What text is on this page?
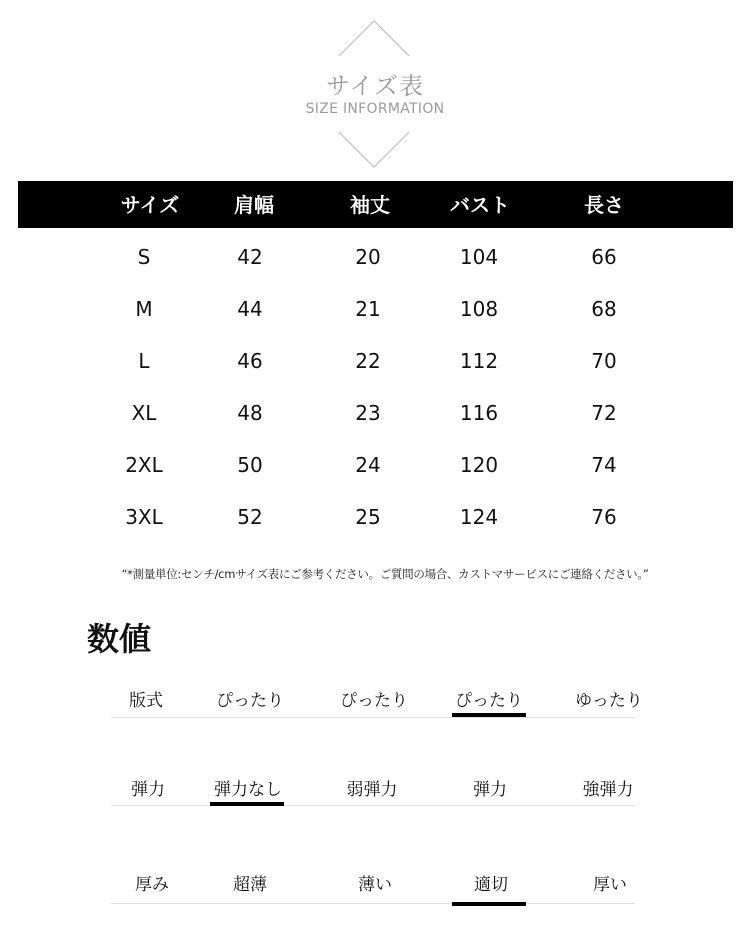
サイズ表
SIZE INFORMATION
サイズ	肩幅	袖丈	バスト	長さ
S	42	20	104	66
M	44	21	108	68
L	46	22	112	70
XL	48	23	116	72
2XL	50	24	120	74
3XL	52	25	124	76
“*測量単位:センチ/cmサイズ表にご参考ください。ご質問の場合、カストマサービスにご連絡ください。”
数値
版式	ぴったり	ぴったり	ぴったり	ゆったり
弾力	弾力なし	弱弾力	弾力	強弾力
厚み	超薄	薄い	適切	厚い
